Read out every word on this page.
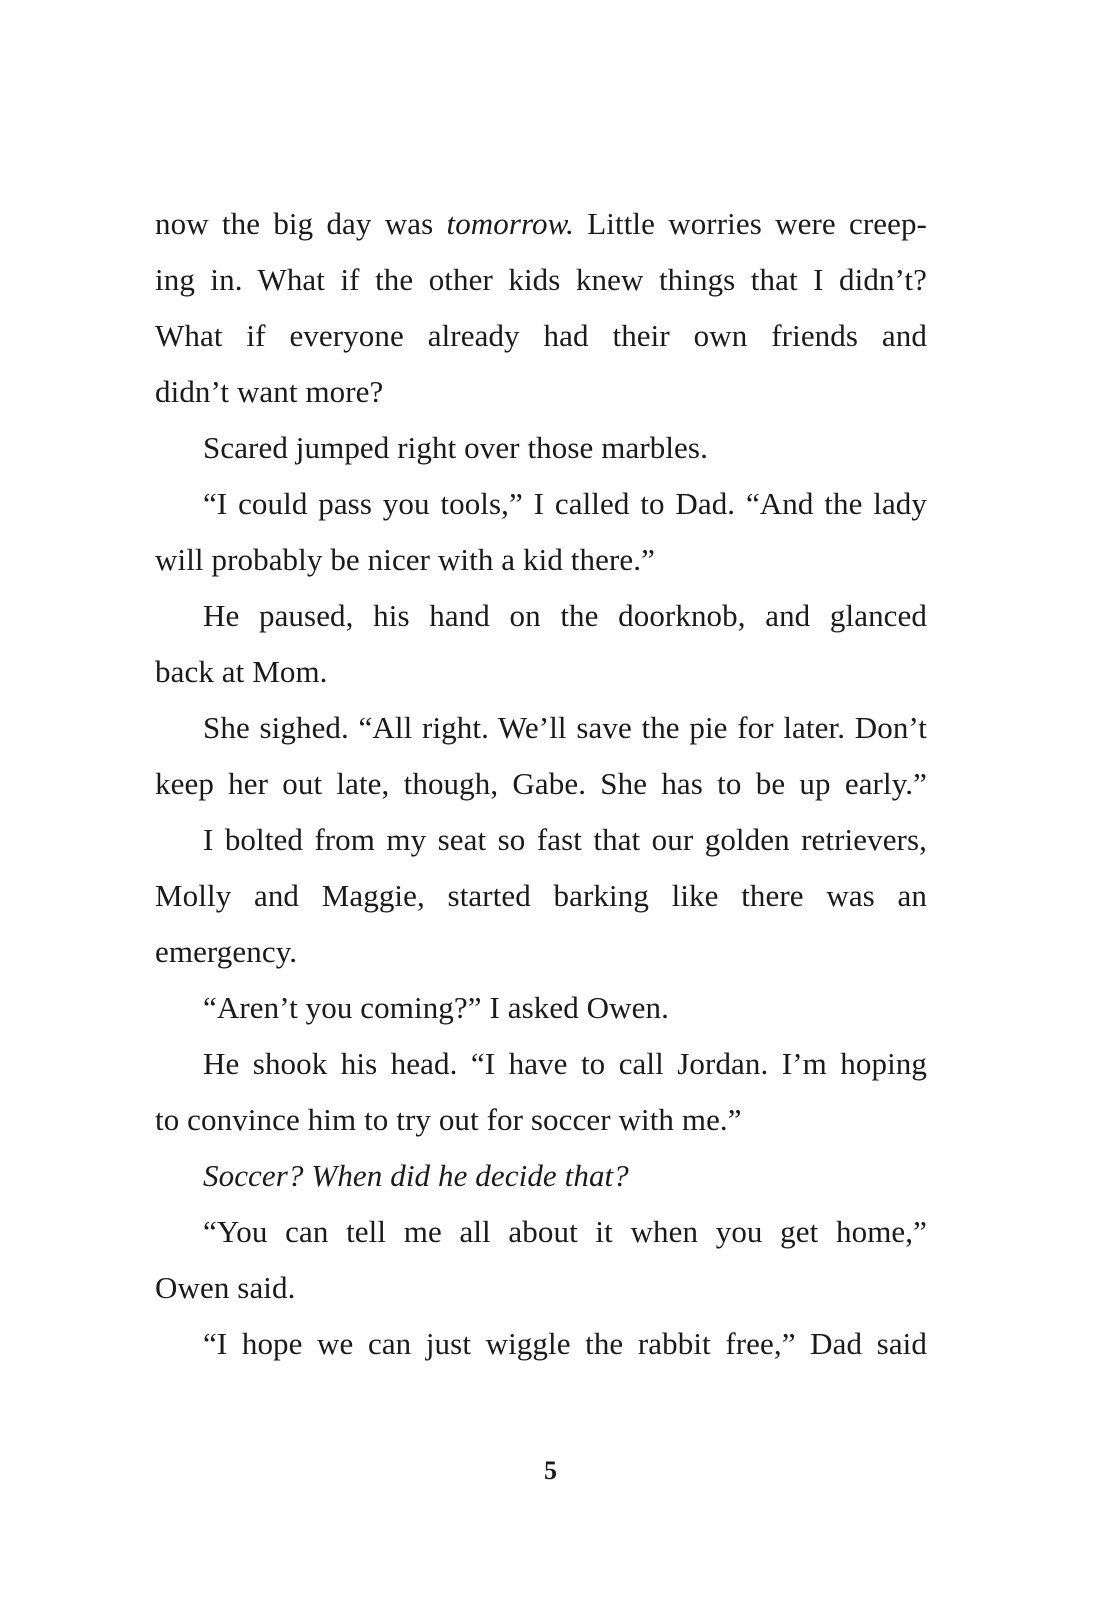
now the big day was tomorrow. Little worries were creep-
ing in. What if the other kids knew things that I didn’t?
What if everyone already had their own friends and
didn’t want more?
Scared jumped right over those marbles.
“I could pass you tools,” I called to Dad. “And the lady
will probably be nicer with a kid there.”
He paused, his hand on the doorknob, and glanced
back at Mom.
She sighed. “All right. We’ll save the pie for later. Don’t
keep her out late, though, Gabe. She has to be up early.”
I bolted from my seat so fast that our golden retrievers,
Molly and Maggie, started barking like there was an
emergency.
“Aren’t you coming?” I asked Owen.
He shook his head. “I have to call Jordan. I’m hoping
to convince him to try out for soccer with me.”
Soccer? When did he decide that?
“You can tell me all about it when you get home,”
Owen said.
“I hope we can just wiggle the rabbit free,” Dad said
5
